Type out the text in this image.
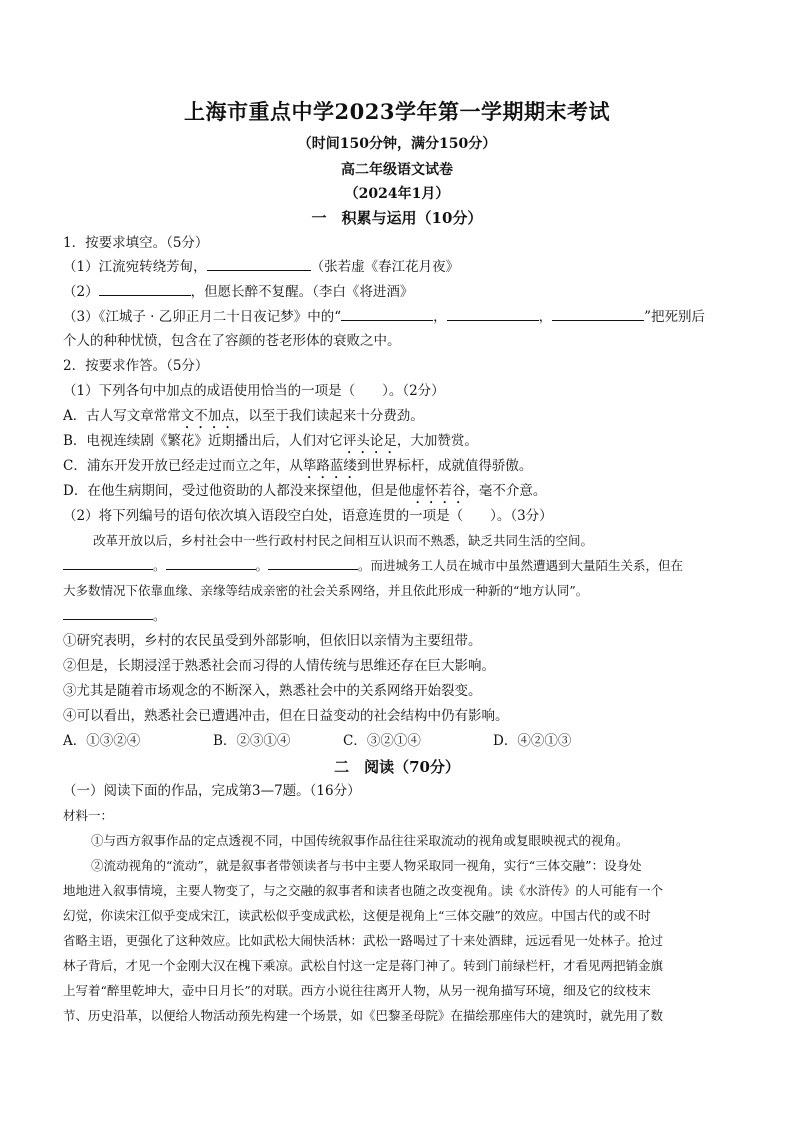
上海市重点中学2023学年第一学期期末考试
（时间150分钟，满分150分）
高二年级语文试卷
（2024年1月）
一　积累与运用（10分）
1．按要求填空。（5分）
（1）江流宛转绕芳甸，	（张若虚《春江花月夜》
（2）	，但愿长醉不复醒。（李白《将进酒》
（3）《江城子 · 乙卯正月二十日夜记梦》中的“	，	，	”把死别后
个人的种种忧愤，包含在了容颜的苍老形体的衰败之中。
2．按要求作答。（5分）
（1）下列各句中加点的成语使用恰当的一项是（　　）。（2分）
A．古人写文章常常文不加点，以至于我们读起来十分费劲。
B．电视连续剧《繁花》近期播出后，人们对它评头论足，大加赞赏。
C．浦东开发开放已经走过而立之年，从筚路蓝缕到世界标杆，成就值得骄傲。
D．在他生病期间，受过他资助的人都没来探望他，但是他虚怀若谷，毫不介意。
（2）将下列编号的语句依次填入语段空白处，语意连贯的一项是（　　）。（3分）
改革开放以后，乡村社会中一些行政村村民之间相互认识而不熟悉，缺乏共同生活的空间。
。	。	。而进城务工人员在城市中虽然遭遇到大量陌生关系，但在
大多数情况下依靠血缘、亲缘等结成亲密的社会关系网络，并且依此形成一种新的“地方认同”。
。
①研究表明，乡村的农民虽受到外部影响，但依旧以亲情为主要纽带。
②但是，长期浸淫于熟悉社会而习得的人情传统与思维还存在巨大影响。
③尤其是随着市场观念的不断深入，熟悉社会中的关系网络开始裂变。
④可以看出，熟悉社会已遭遇冲击，但在日益变动的社会结构中仍有影响。
A．①③②④	B．②③①④	C．③②①④	D．④②①③
二　阅读（70分）
（一）阅读下面的作品，完成第3—7题。（16分）
材料一：
①与西方叙事作品的定点透视不同，中国传统叙事作品往往采取流动的视角或复眼映视式的视角。
②流动视角的“流动”，就是叙事者带领读者与书中主要人物采取同一视角，实行“三体交融”：设身处
地地进入叙事情境，主要人物变了，与之交融的叙事者和读者也随之改变视角。读《水浒传》的人可能有一个
幻觉，你读宋江似乎变成宋江，读武松似乎变成武松，这便是视角上“三体交融”的效应。中国古代的或不时
省略主语，更强化了这种效应。比如武松大闹快活林：武松一路喝过了十来处酒肆，远远看见一处林子。抢过
林子背后，才见一个金刚大汉在槐下乘凉。武松自忖这一定是蒋门神了。转到门前绿栏杆，才看见两把销金旗
上写着“醉里乾坤大，壶中日月长”的对联。西方小说往往离开人物，从另一视角描写环境，细及它的纹枝末
节、历史沿革，以便给人物活动预先构建一个场景，如《巴黎圣母院》在描绘那座伟大的建筑时，就先用了数
